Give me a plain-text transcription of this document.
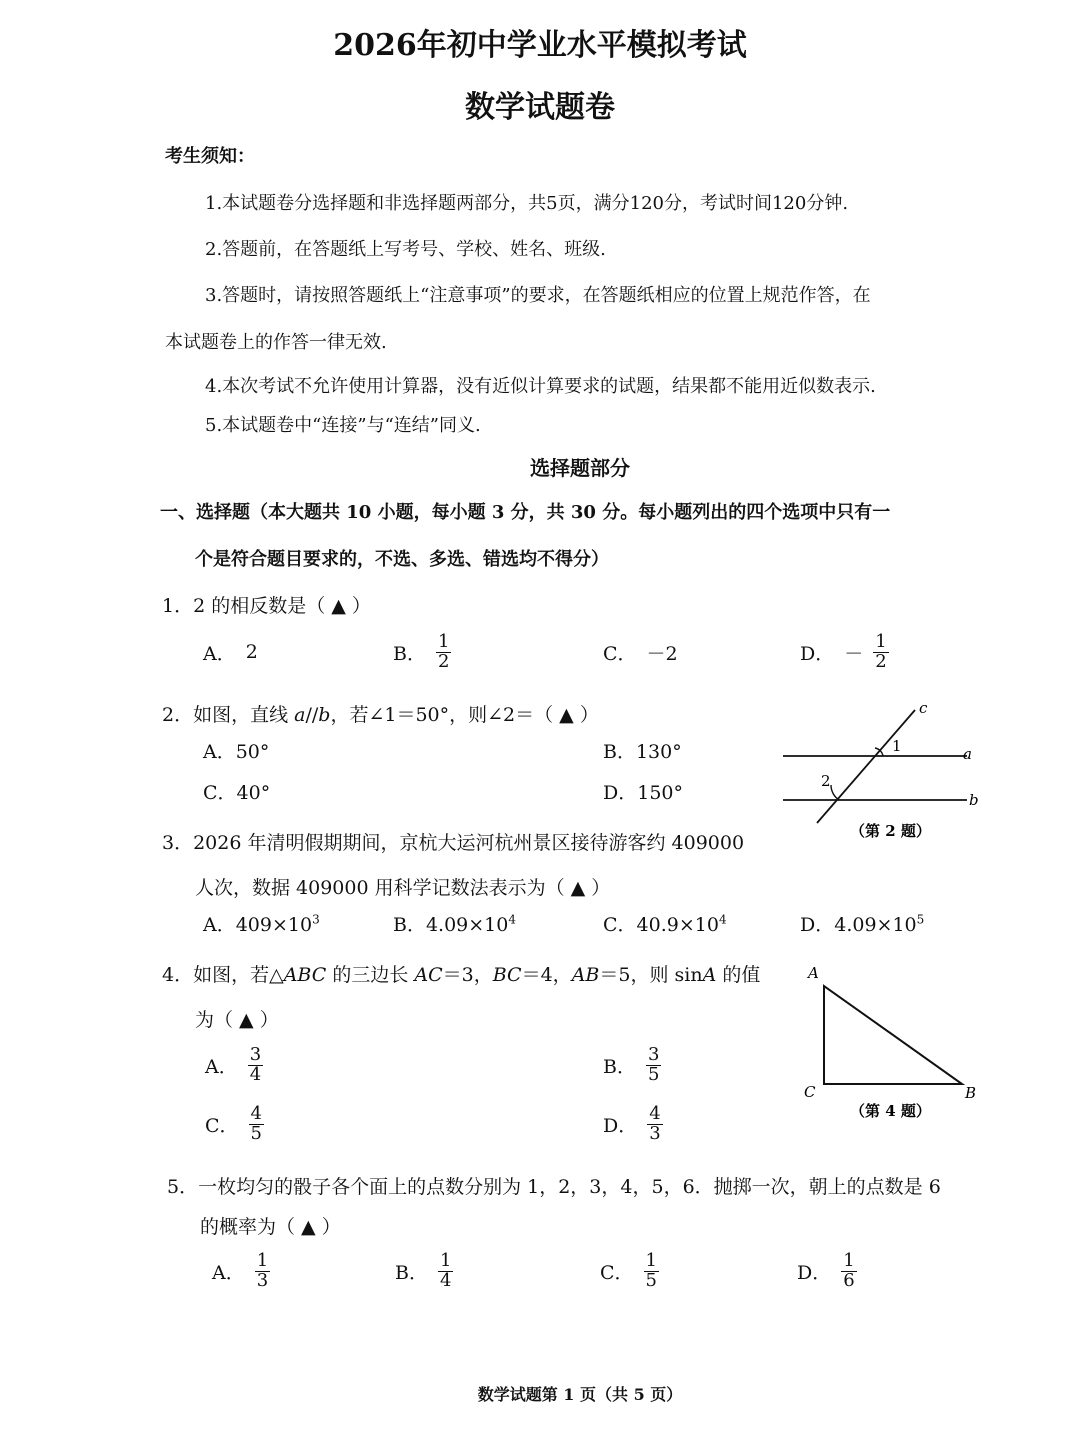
2026年初中学业水平模拟考试
数学试题卷
考生须知：
1.本试题卷分选择题和非选择题两部分，共5页，满分120分，考试时间120分钟.
2.答题前，在答题纸上写考号、学校、姓名、班级.
3.答题时，请按照答题纸上“注意事项”的要求，在答题纸相应的位置上规范作答，在
本试题卷上的作答一律无效.
4.本次考试不允许使用计算器，没有近似计算要求的试题，结果都不能用近似数表示.
5.本试题卷中“连接”与“连结”同义.
选择题部分
一、选择题（本大题共 10 小题，每小题 3 分，共 30 分。每小题列出的四个选项中只有一
个是符合题目要求的，不选、多选、错选均不得分）
1．2 的相反数是（ ▲ ）
A． 2	B． $\frac{1}{2}$	C． －2	D． － $\frac{1}{2}$
2．如图，直线 a//b，若∠1＝50°，则∠2＝（ ▲ ）
A．50°	B．130°
C．40°	D．150°
c
a
b
1
2
（第 2 题）
3．2026 年清明假期期间，京杭大运河杭州景区接待游客约 409000
人次，数据 409000 用科学记数法表示为（ ▲ ）
A．$409\times 10^3$	B．$4.09\times 10^4$	C．$40.9\times 10^4$	D．$4.09\times 10^5$
4．如图，若△ABC 的三边长 AC＝3，BC＝4，AB＝5，则 sinA 的值
为（ ▲ ）
A． $\frac{3}{4}$	B． $\frac{3}{5}$
C． $\frac{4}{5}$	D． $\frac{4}{3}$
A
C	B
（第 4 题）
5．一枚均匀的骰子各个面上的点数分别为 1，2，3，4，5，6．抛掷一次，朝上的点数是 6
的概率为（ ▲ ）
A． $\frac{1}{3}$	B． $\frac{1}{4}$	C． $\frac{1}{5}$	D． $\frac{1}{6}$
数学试题第 1 页（共 5 页）
